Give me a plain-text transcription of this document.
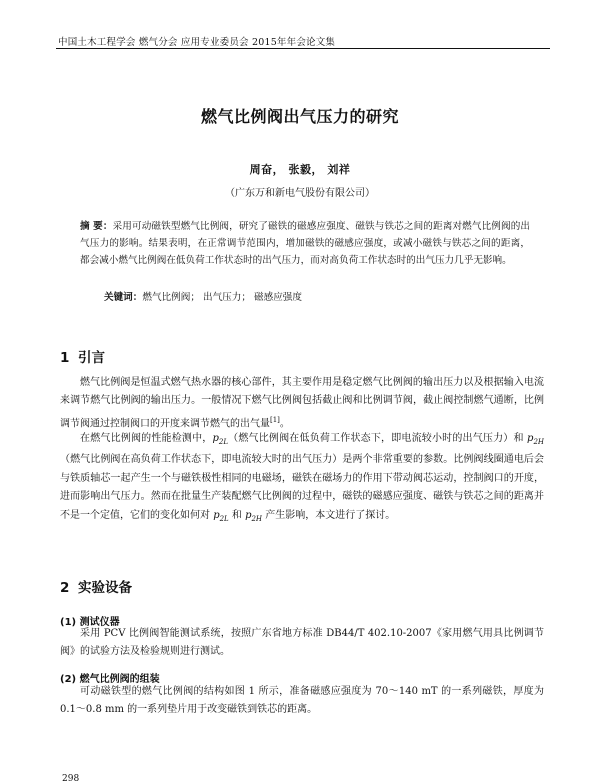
中国土木工程学会 燃气分会 应用专业委员会 2015年年会论文集
燃气比例阀出气压力的研究
周奋， 张毅， 刘祥
（广东万和新电气股份有限公司）
摘 要：采用可动磁铁型燃气比例阀，研究了磁铁的磁感应强度、磁铁与铁芯之间的距离对燃气比例阀的出气压力的影响。结果表明，在正常调节范围内，增加磁铁的磁感应强度，或减小磁铁与铁芯之间的距离，都会减小燃气比例阀在低负荷工作状态时的出气压力，而对高负荷工作状态时的出气压力几乎无影响。
关键词：燃气比例阀； 出气压力； 磁感应强度
1 引言

燃气比例阀是恒温式燃气热水器的核心部件，其主要作用是稳定燃气比例阀的输出压力以及根据输入电流来调节燃气比例阀的输出压力。一般情况下燃气比例阀包括截止阀和比例调节阀，截止阀控制燃气通断，比例调节阀通过控制阀口的开度来调节燃气的出气量[1]。

在燃气比例阀的性能检测中，$p_{2L}$（燃气比例阀在低负荷工作状态下，即电流较小时的出气压力）和 $p_{2H}$（燃气比例阀在高负荷工作状态下，即电流较大时的出气压力）是两个非常重要的参数。比例阀线圈通电后会与铁质轴芯一起产生一个与磁铁极性相同的电磁场，磁铁在磁场力的作用下带动阀芯运动，控制阀口的开度，进而影响出气压力。然而在批量生产装配燃气比例阀的过程中，磁铁的磁感应强度、磁铁与铁芯之间的距离并不是一个定值，它们的变化如何对 $p_{2L}$ 和 $p_{2H}$ 产生影响，本文进行了探讨。

2 实验设备
(1) 测试仪器

采用 PCV 比例阀智能测试系统，按照广东省地方标准 DB44/T 402.10-2007《家用燃气用具比例调节阀》的试验方法及检验规则进行测试。

(2) 燃气比例阀的组装

可动磁铁型的燃气比例阀的结构如图 1 所示，准备磁感应强度为 70～140 mT 的一系列磁铁，厚度为 0.1～0.8 mm 的一系列垫片用于改变磁铁到铁芯的距离。

298
